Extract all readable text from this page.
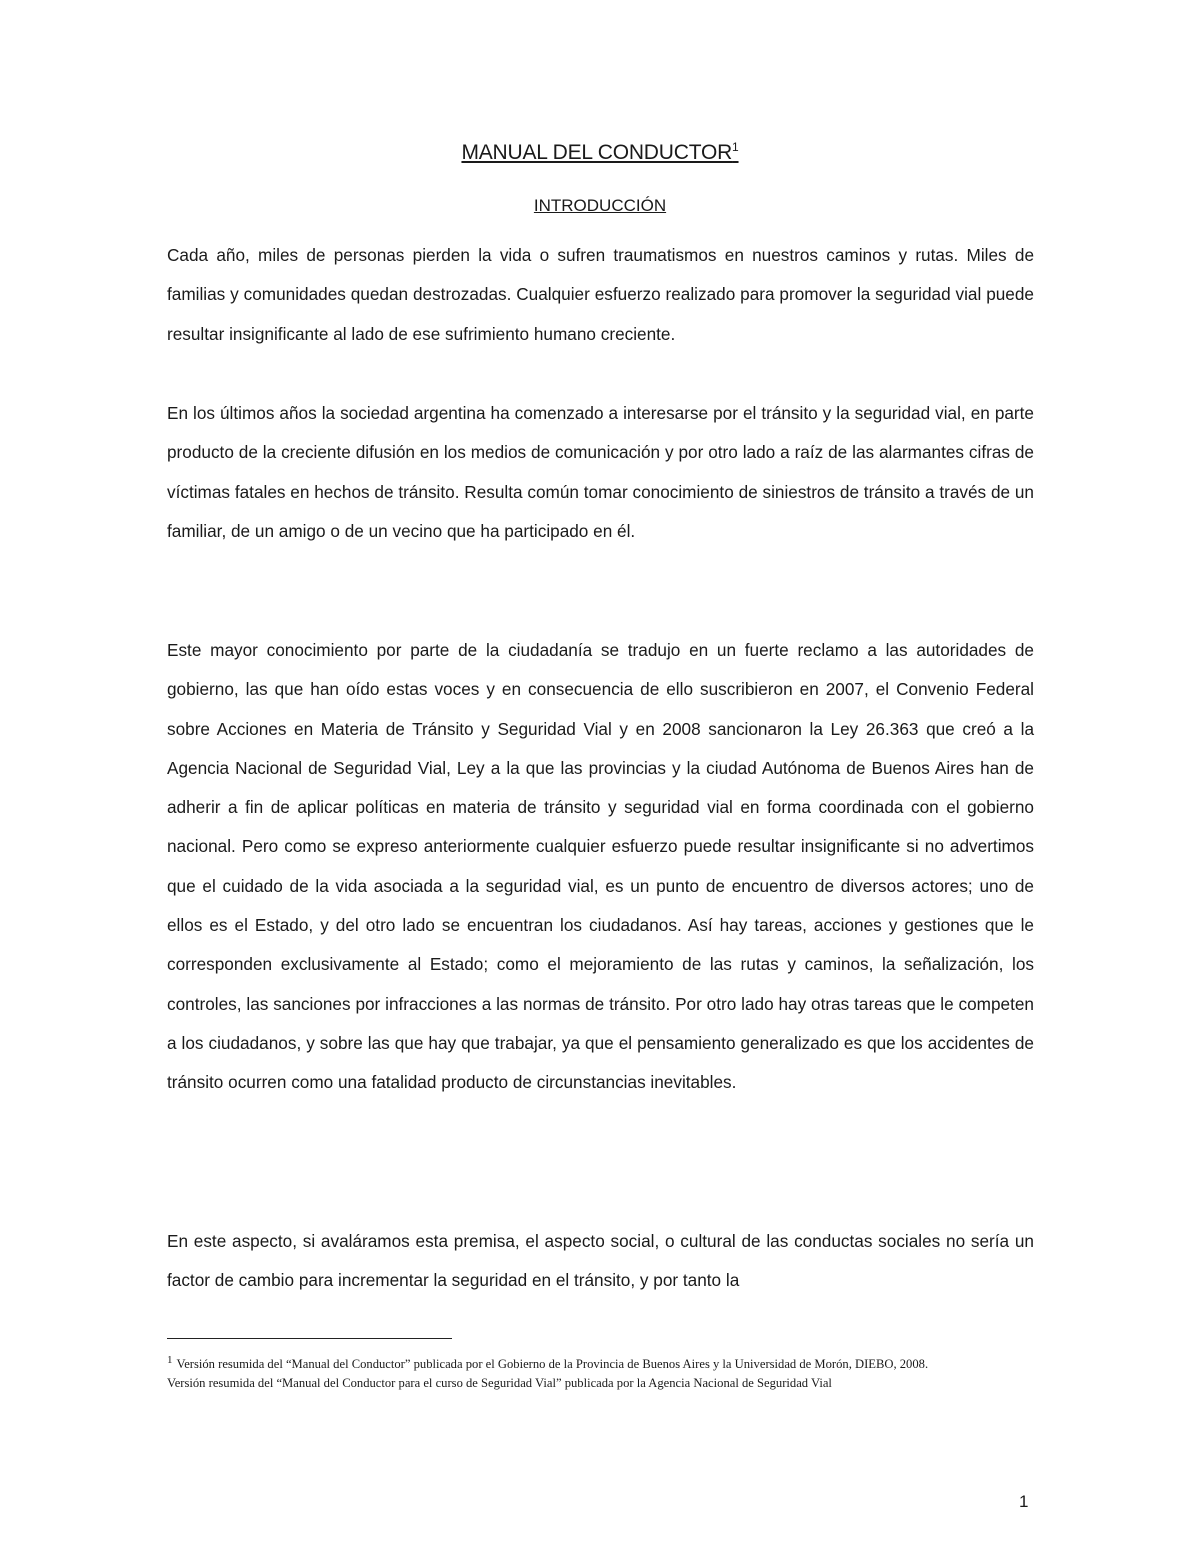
MANUAL DEL CONDUCTOR$^1$
INTRODUCCIÓN

Cada año, miles de personas pierden la vida o sufren traumatismos en nuestros caminos y rutas. Miles de familias y comunidades quedan destrozadas. Cualquier esfuerzo realizado para promover la seguridad vial puede resultar insignificante al lado de ese sufrimiento humano creciente.

En los últimos años la sociedad argentina ha comenzado a interesarse por el tránsito y la seguridad vial, en parte producto de la creciente difusión en los medios de comunicación y por otro lado a raíz de las alarmantes cifras de víctimas fatales en hechos de tránsito. Resulta común tomar conocimiento de siniestros de tránsito a través de un familiar, de un amigo o de un vecino que ha participado en él.

Este mayor conocimiento por parte de la ciudadanía se tradujo en un fuerte reclamo a las autoridades de gobierno, las que han oído estas voces y en consecuencia de ello suscribieron en 2007, el Convenio Federal sobre Acciones en Materia de Tránsito y Seguridad Vial y en 2008 sancionaron la Ley 26.363 que creó a la Agencia Nacional de Seguridad Vial, Ley a la que las provincias y la ciudad Autónoma de Buenos Aires han de adherir a fin de aplicar políticas en materia de tránsito y seguridad vial en forma coordinada con el gobierno nacional. Pero como se expreso anteriormente cualquier esfuerzo puede resultar insignificante si no advertimos que el cuidado de la vida asociada a la seguridad vial, es un punto de encuentro de diversos actores; uno de ellos es el Estado, y del otro lado se encuentran los ciudadanos. Así hay tareas, acciones y gestiones que le corresponden exclusivamente al Estado; como el mejoramiento de las rutas y caminos, la señalización, los controles, las sanciones por infracciones a las normas de tránsito. Por otro lado hay otras tareas que le competen a los ciudadanos, y sobre las que hay que trabajar, ya que el pensamiento generalizado es que los accidentes de tránsito ocurren como una fatalidad producto de circunstancias inevitables.

En este aspecto, si avaláramos esta premisa, el aspecto social, o cultural de las conductas sociales no sería un factor de cambio para incrementar la seguridad en el tránsito, y por tanto la

1 Versión resumida del “Manual del Conductor” publicada por el Gobierno de la Provincia de Buenos Aires y la Universidad de Morón, DIEBO, 2008.

Versión resumida del “Manual del Conductor para el curso de Seguridad Vial” publicada por la Agencia Nacional de Seguridad Vial

1
